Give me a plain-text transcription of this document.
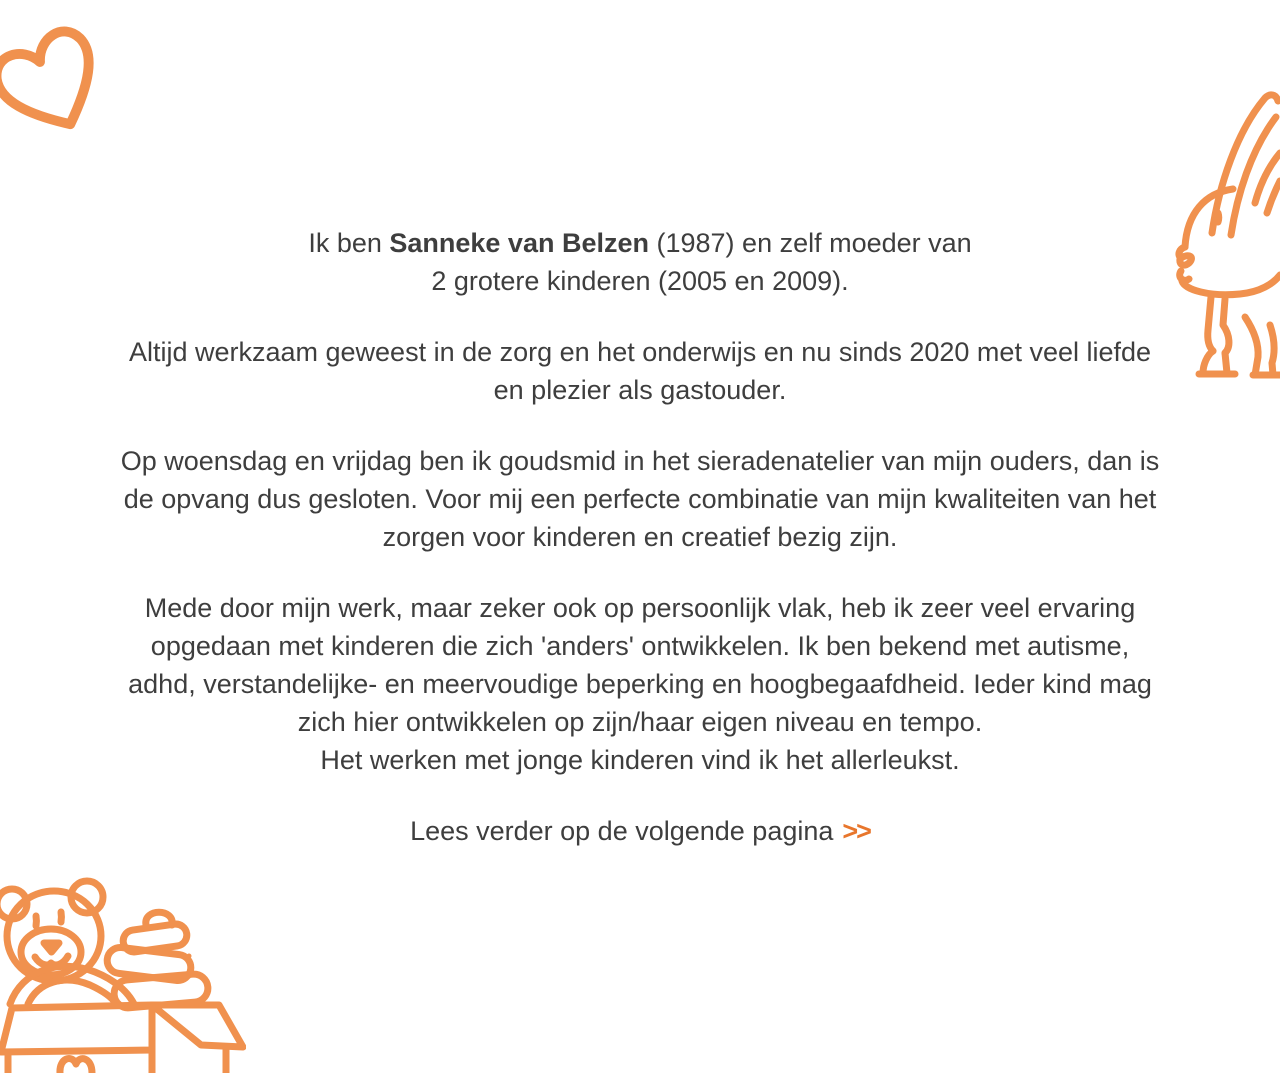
Ik ben Sanneke van Belzen (1987) en zelf moeder van
2 grotere kinderen (2005 en 2009).
Altijd werkzaam geweest in de zorg en het onderwijs en nu sinds 2020 met veel liefde
en plezier als gastouder.
Op woensdag en vrijdag ben ik goudsmid in het sieradenatelier van mijn ouders, dan is
de opvang dus gesloten. Voor mij een perfecte combinatie van mijn kwaliteiten van het
zorgen voor kinderen en creatief bezig zijn.
Mede door mijn werk, maar zeker ook op persoonlijk vlak, heb ik zeer veel ervaring
opgedaan met kinderen die zich 'anders' ontwikkelen. Ik ben bekend met autisme,
adhd, verstandelijke- en meervoudige beperking en hoogbegaafdheid. Ieder kind mag
zich hier ontwikkelen op zijn/haar eigen niveau en tempo.
Het werken met jonge kinderen vind ik het allerleukst.
Lees verder op de volgende pagina >>
